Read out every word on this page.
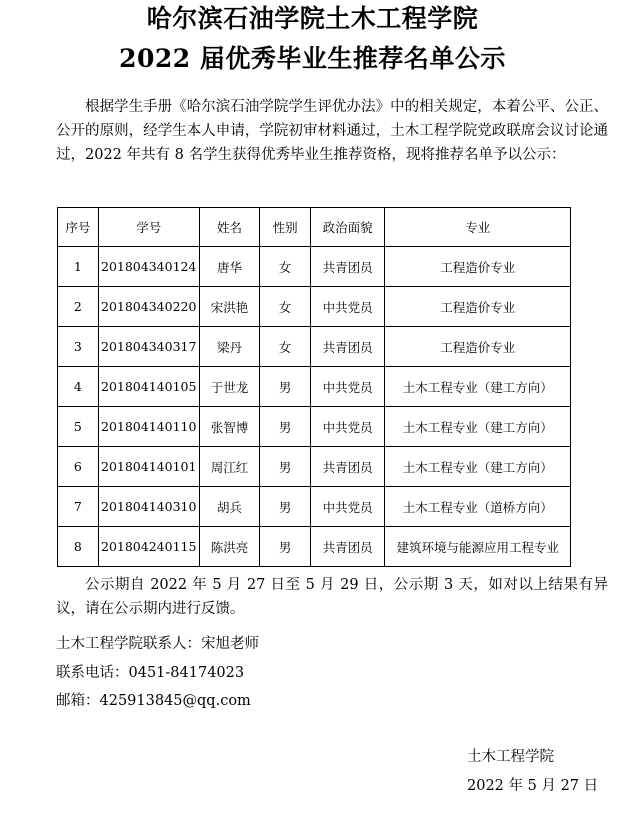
哈尔滨石油学院土木工程学院
2022 届优秀毕业生推荐名单公示

根据学生手册《哈尔滨石油学院学生评优办法》中的相关规定，本着公平、公正、公开的原则，经学生本人申请，学院初审材料通过，土木工程学院党政联席会议讨论通过，2022 年共有 8 名学生获得优秀毕业生推荐资格，现将推荐名单予以公示：

序号	学号	姓名	性别	政治面貌	专业
1	201804340124	唐华	女	共青团员	工程造价专业
2	201804340220	宋洪艳	女	中共党员	工程造价专业
3	201804340317	梁丹	女	共青团员	工程造价专业
4	201804140105	于世龙	男	中共党员	土木工程专业（建工方向）
5	201804140110	张智博	男	中共党员	土木工程专业（建工方向）
6	201804140101	周江红	男	共青团员	土木工程专业（建工方向）
7	201804140310	胡兵	男	中共党员	土木工程专业（道桥方向）
8	201804240115	陈洪亮	男	共青团员	建筑环境与能源应用工程专业

公示期自 2022 年 5 月 27 日至 5 月 29 日，公示期 3 天，如对以上结果有异议，请在公示期内进行反馈。

土木工程学院联系人：宋旭老师
联系电话：0451-84174023
邮箱：425913845@qq.com
土木工程学院
2022 年 5 月 27 日
